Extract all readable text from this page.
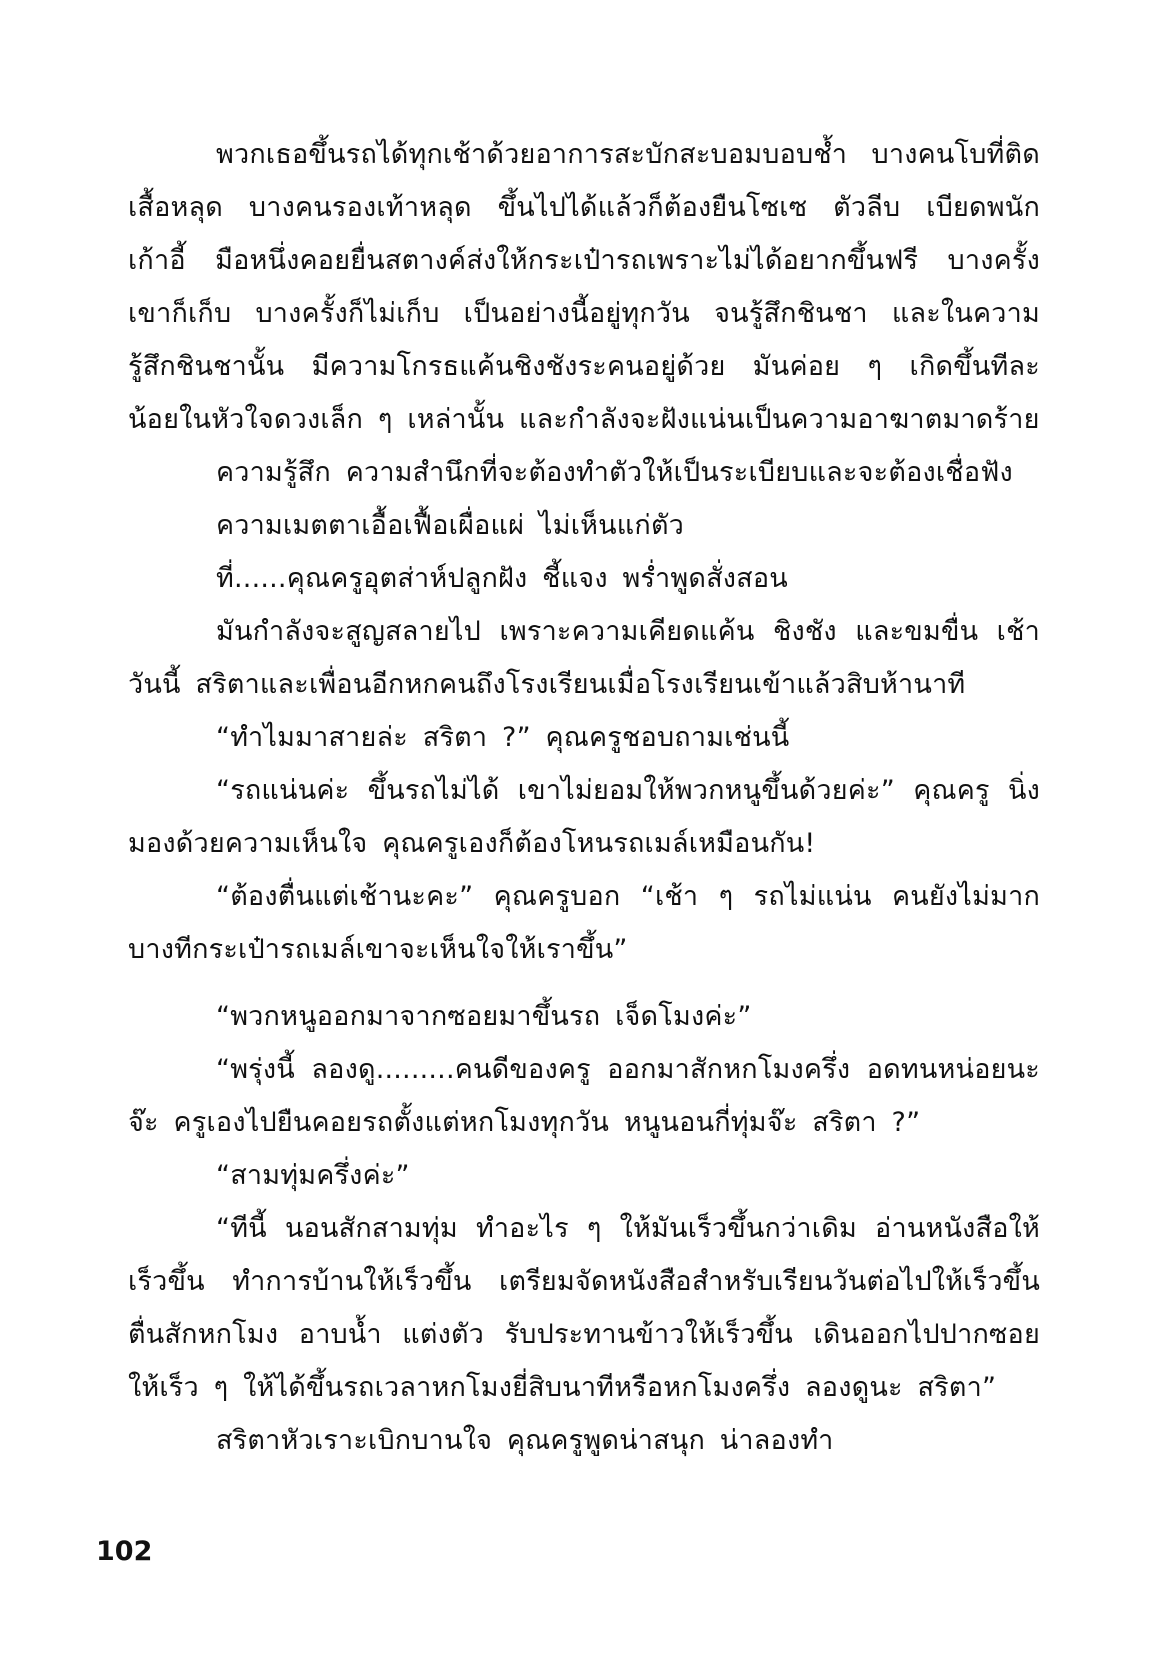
พวกเธอขึ้นรถได้ทุกเช้าด้วยอาการสะบักสะบอมบอบช้ำ บางคนโบที่ติดเสื้อหลุด บางคนรองเท้าหลุด ขึ้นไปได้แล้วก็ต้องยืนโซเซ ตัวลีบ เบียดพนักเก้าอี้ มือหนึ่งคอยยื่นสตางค์ส่งให้กระเป๋ารถเพราะไม่ได้อยากขึ้นฟรี บางครั้งเขาก็เก็บ บางครั้งก็ไม่เก็บ เป็นอย่างนี้อยู่ทุกวัน จนรู้สึกชินชา และในความรู้สึกชินชานั้น มีความโกรธแค้นชิงชังระคนอยู่ด้วย มันค่อย ๆ เกิดขึ้นทีละน้อยในหัวใจดวงเล็ก ๆ เหล่านั้น และกำลังจะฝังแน่นเป็นความอาฆาตมาดร้าย

ความรู้สึก ความสำนึกที่จะต้องทำตัวให้เป็นระเบียบและจะต้องเชื่อฟัง

ความเมตตาเอื้อเฟื้อเผื่อแผ่ ไม่เห็นแก่ตัว

ที่......คุณครูอุตส่าห์ปลูกฝัง ชี้แจง พร่ำพูดสั่งสอน

มันกำลังจะสูญสลายไป เพราะความเคียดแค้น ชิงชัง และขมขื่น เช้าวันนี้ สริตาและเพื่อนอีกหกคนถึงโรงเรียนเมื่อโรงเรียนเข้าแล้วสิบห้านาที

“ทำไมมาสายล่ะ สริตา ?” คุณครูชอบถามเช่นนี้

“รถแน่นค่ะ ขึ้นรถไม่ได้ เขาไม่ยอมให้พวกหนูขึ้นด้วยค่ะ” คุณครู นิ่ง มองด้วยความเห็นใจ คุณครูเองก็ต้องโหนรถเมล์เหมือนกัน!

“ต้องตื่นแต่เช้านะคะ” คุณครูบอก “เช้า ๆ รถไม่แน่น คนยังไม่มาก บางทีกระเป๋ารถเมล์เขาจะเห็นใจให้เราขึ้น”

“พวกหนูออกมาจากซอยมาขึ้นรถ เจ็ดโมงค่ะ”

“พรุ่งนี้ ลองดู.........คนดีของครู ออกมาสักหกโมงครึ่ง อดทนหน่อยนะจ๊ะ ครูเองไปยืนคอยรถตั้งแต่หกโมงทุกวัน หนูนอนกี่ทุ่มจ๊ะ สริตา ?”

“สามทุ่มครึ่งค่ะ”

“ทีนี้ นอนสักสามทุ่ม ทำอะไร ๆ ให้มันเร็วขึ้นกว่าเดิม อ่านหนังสือให้เร็วขึ้น ทำการบ้านให้เร็วขึ้น เตรียมจัดหนังสือสำหรับเรียนวันต่อไปให้เร็วขึ้น ตื่นสักหกโมง อาบน้ำ แต่งตัว รับประทานข้าวให้เร็วขึ้น เดินออกไปปากซอยให้เร็ว ๆ ให้ได้ขึ้นรถเวลาหกโมงยี่สิบนาทีหรือหกโมงครึ่ง ลองดูนะ สริตา”

สริตาหัวเราะเบิกบานใจ คุณครูพูดน่าสนุก น่าลองทำ

102
